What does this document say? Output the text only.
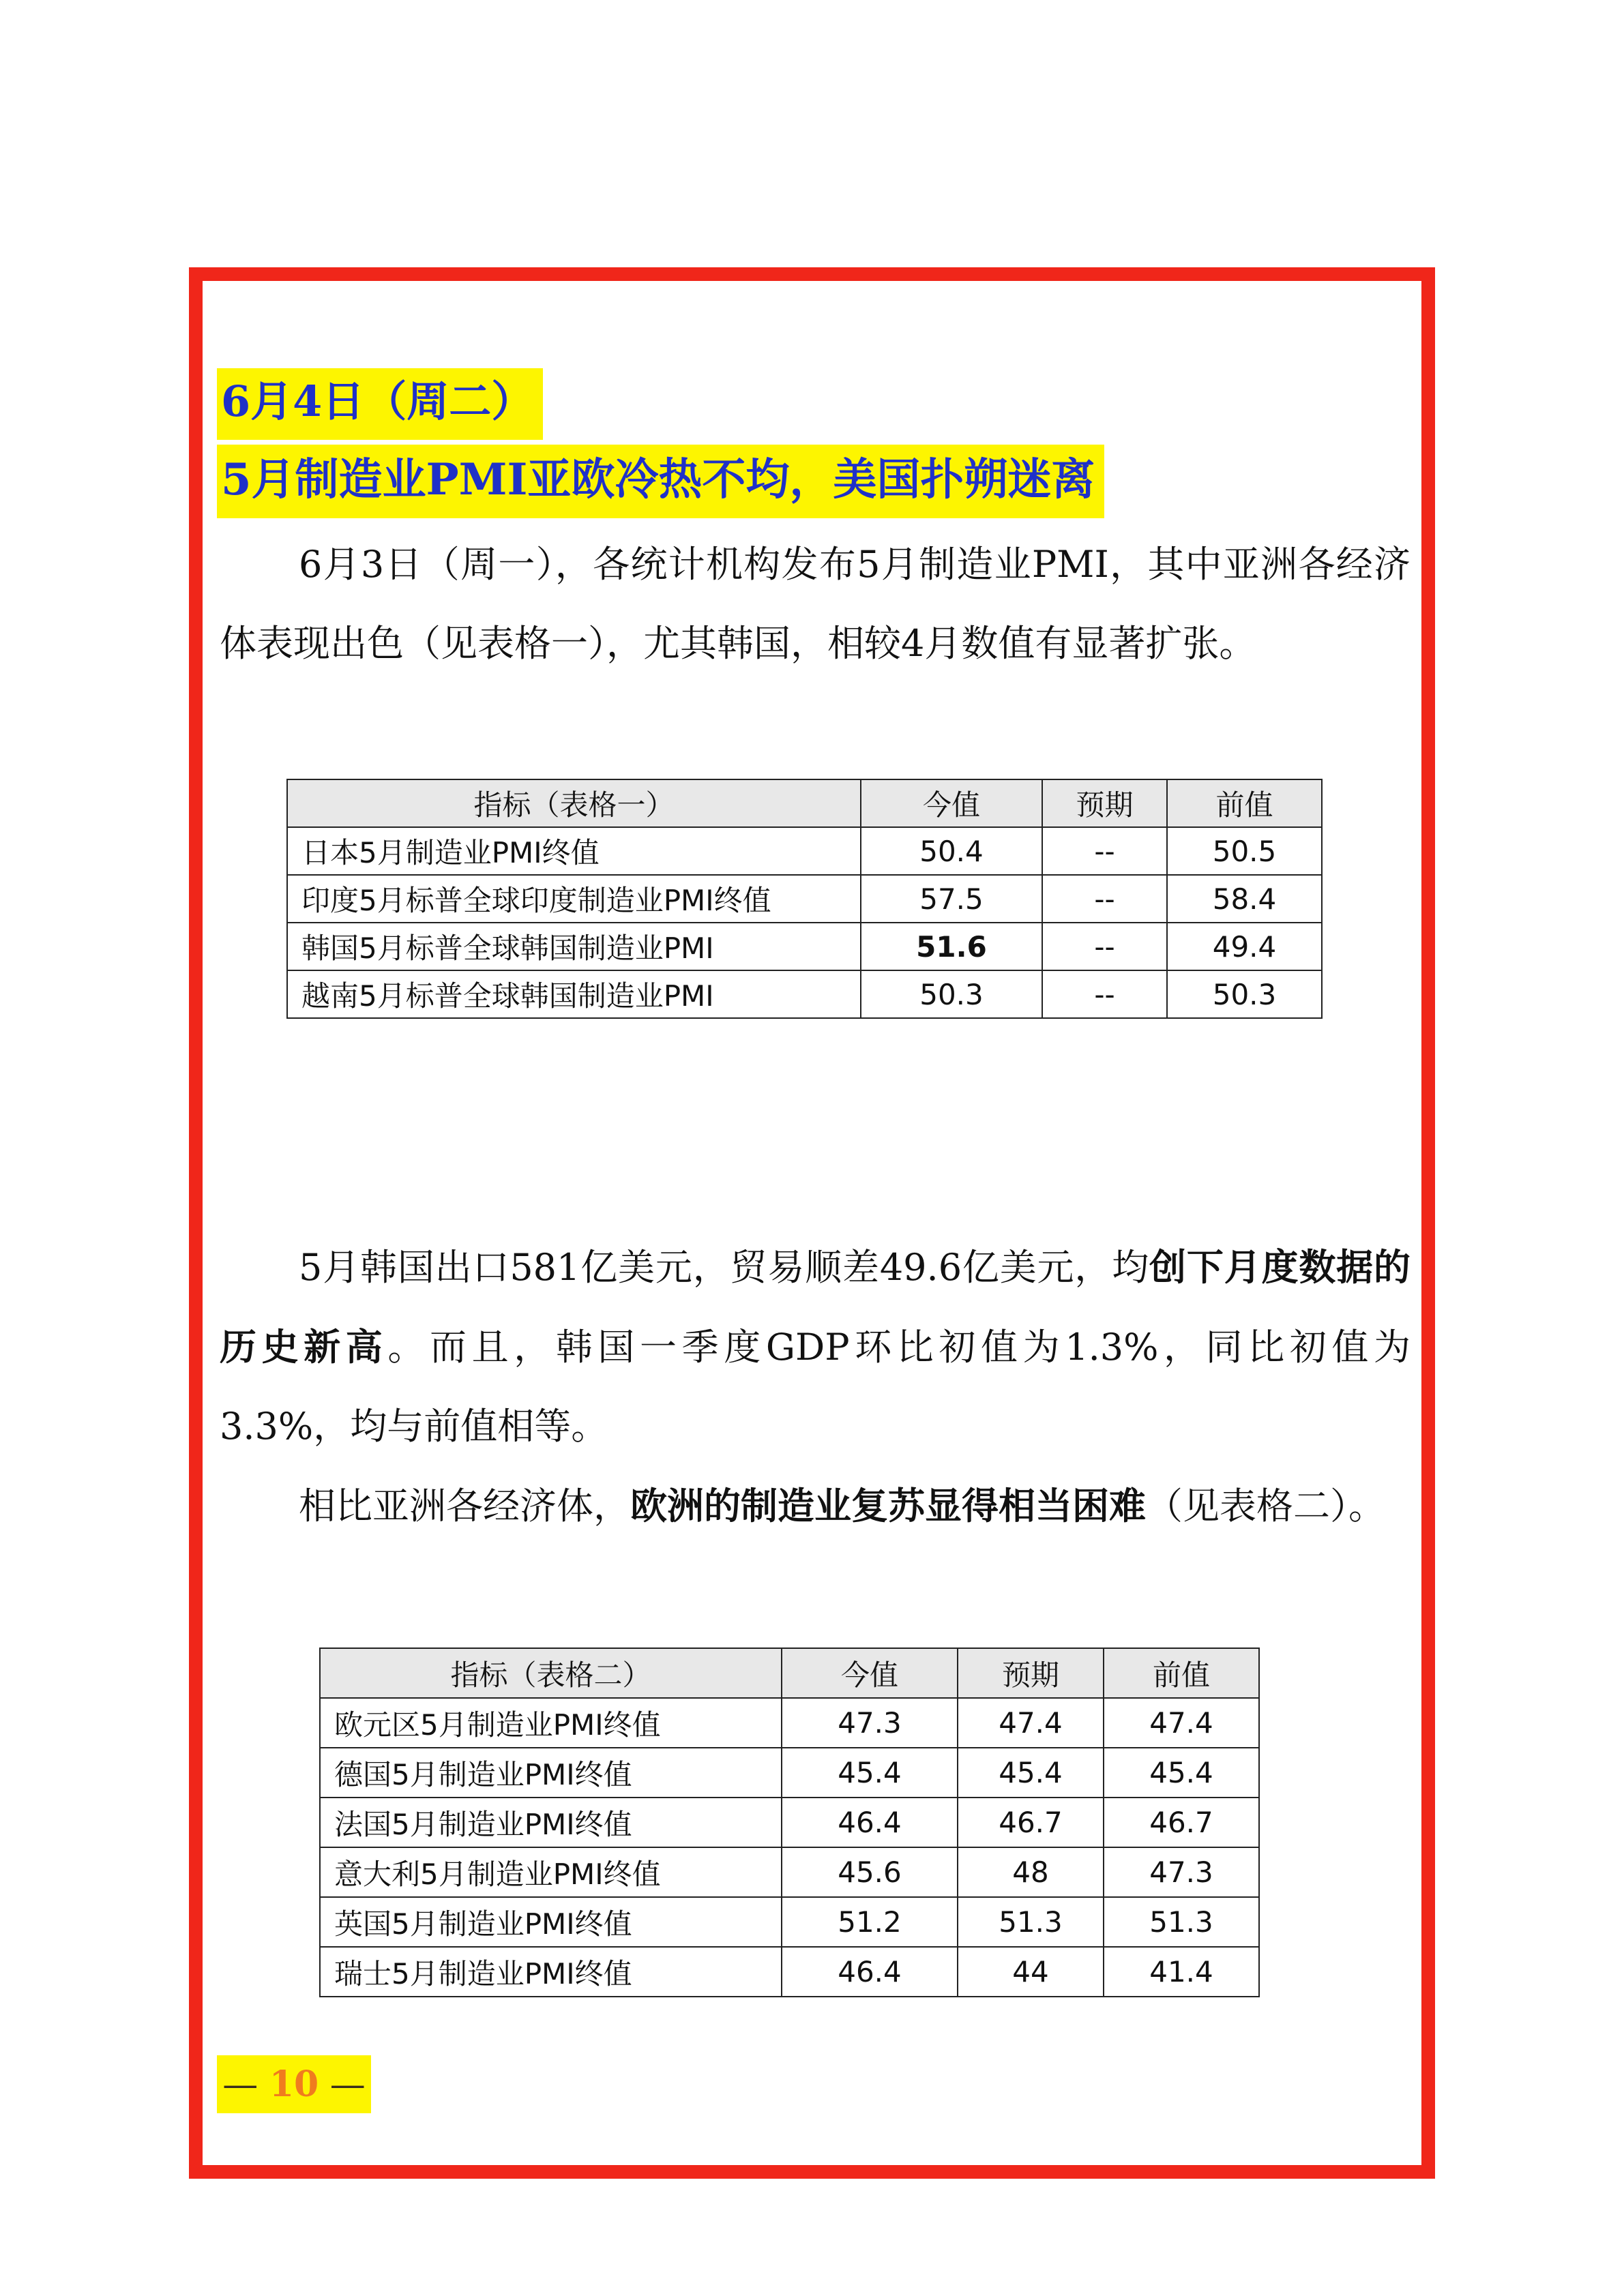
6月4日（周二）
5月制造业PMI亚欧冷热不均，美国扑朔迷离

6月3日（周一），各统计机构发布5月制造业PMI，其中亚洲各经济体表现出色（见表格一），尤其韩国，相较4月数值有显著扩张。

指标（表格一）	今值	预期	前值
日本5月制造业PMI终值	50.4	--	50.5
印度5月标普全球印度制造业PMI终值	57.5	--	58.4
韩国5月标普全球韩国制造业PMI	51.6	--	49.4
越南5月标普全球韩国制造业PMI	50.3	--	50.3

5月韩国出口581亿美元，贸易顺差49.6亿美元，均创下月度数据的历史新高。而且，韩国一季度GDP环比初值为1.3%，同比初值为3.3%，均与前值相等。

相比亚洲各经济体，欧洲的制造业复苏显得相当困难（见表格二）。

指标（表格二）	今值	预期	前值
欧元区5月制造业PMI终值	47.3	47.4	47.4
德国5月制造业PMI终值	45.4	45.4	45.4
法国5月制造业PMI终值	46.4	46.7	46.7
意大利5月制造业PMI终值	45.6	48	47.3
英国5月制造业PMI终值	51.2	51.3	51.3
瑞士5月制造业PMI终值	46.4	44	41.4
— 10 —
